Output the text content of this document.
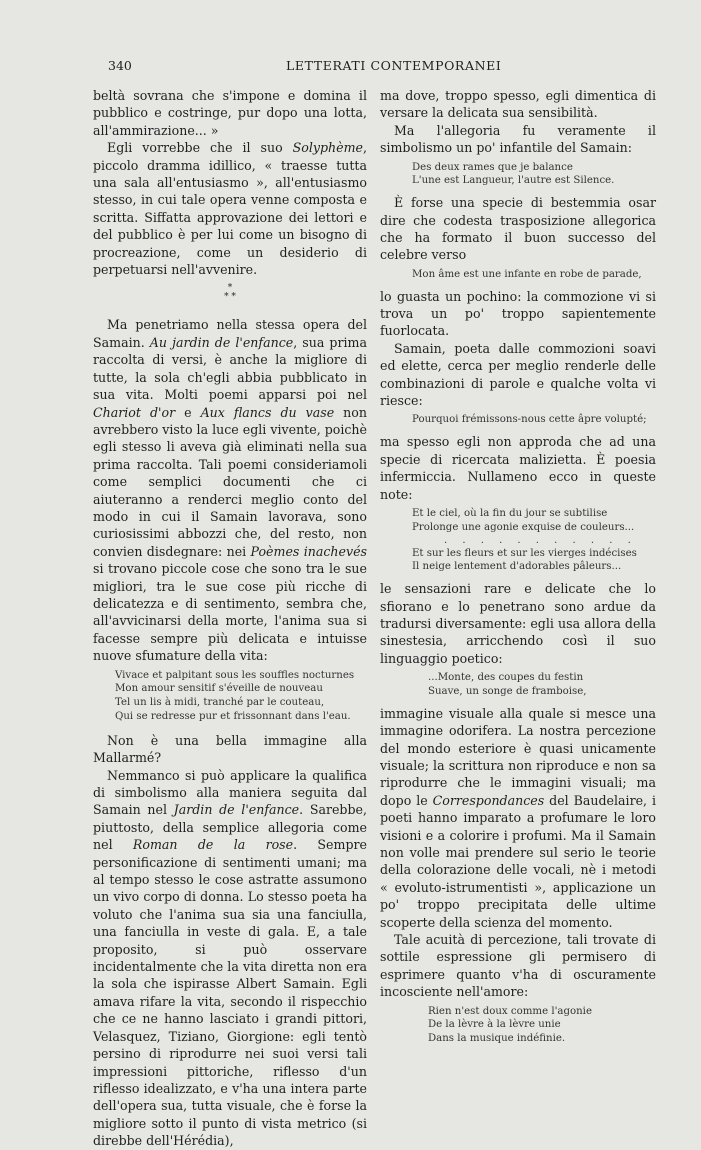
340	LETTERATI CONTEMPORANEI

beltà sovrana che s'impone e domina il pubblico e costringe, pur dopo una lotta, all'ammirazione... »

Egli vorrebbe che il suo Solyphème, piccolo dramma idillico, « traesse tutta una sala all'entusiasmo », all'entusiasmo stesso, in cui tale opera venne composta e scritta. Siffatta approvazione dei lettori e del pubblico è per lui come un bisogno di procreazione, come un desiderio di perpetuarsi nell'avvenire.

*
* *

Ma penetriamo nella stessa opera del Samain. Au jardin de l'enfance, sua prima raccolta di versi, è anche la migliore di tutte, la sola ch'egli abbia pubblicato in sua vita. Molti poemi apparsi poi nel Chariot d'or e Aux flancs du vase non avrebbero visto la luce egli vivente, poichè egli stesso li aveva già eliminati nella sua prima raccolta. Tali poemi consideriamoli come semplici documenti che ci aiuteranno a renderci meglio conto del modo in cui il Samain lavorava, sono curiosissimi abbozzi che, del resto, non convien disdegnare: nei Poèmes inachevés si trovano piccole cose che sono tra le sue migliori, tra le sue cose più ricche di delicatezza e di sentimento, sembra che, all'avvicinarsi della morte, l'anima sua si facesse sempre più delicata e intuisse nuove sfumature della vita:

Vivace et palpitant sous les souffles nocturnes
Mon amour sensitif s'éveille de nouveau
Tel un lis à midi, tranché par le couteau,
Qui se redresse pur et frissonnant dans l'eau.

Non è una bella immagine alla Mallarmé?

Nemmanco si può applicare la qualifica di simbolismo alla maniera seguita dal Samain nel Jardin de l'enfance. Sarebbe, piuttosto, della semplice allegoria come nel Roman de la rose. Sempre personificazione di sentimenti umani; ma al tempo stesso le cose astratte assumono un vivo corpo di donna. Lo stesso poeta ha voluto che l'anima sua sia una fanciulla, una fanciulla in veste di gala. E, a tale proposito, si può osservare incidentalmente che la vita diretta non era la sola che ispirasse Albert Samain. Egli amava rifare la vita, secondo il rispecchio che ce ne hanno lasciato i grandi pittori, Velasquez, Tiziano, Giorgione: egli tentò persino di riprodurre nei suoi versi tali impressioni pittoriche, riflesso d'un riflesso idealizzato, e v'ha una intera parte dell'opera sua, tutta visuale, che è forse la migliore sotto il punto di vista metrico (si direbbe dell'Hérédia),

ma dove, troppo spesso, egli dimentica di versare la delicata sua sensibilità.

Ma l'allegoria fu veramente il simbolismo un po' infantile del Samain:

Des deux rames que je balance
L'une est Langueur, l'autre est Silence.

È forse una specie di bestemmia osar dire che codesta trasposizione allegorica che ha formato il buon successo del celebre verso

Mon âme est une infante en robe de parade,

lo guasta un pochino: la commozione vi si trova un po' troppo sapientemente fuorlocata.

Samain, poeta dalle commozioni soavi ed elette, cerca per meglio renderle delle combinazioni di parole e qualche volta vi riesce:

Pourquoi frémissons-nous cette âpre volupté;

ma spesso egli non approda che ad una specie di ricercata malizietta. È poesia infermiccia. Nullameno ecco in queste note:

Et le ciel, où la fin du jour se subtilise
Prolonge une agonie exquise de couleurs...
. . . . . . . . . . .
Et sur les fleurs et sur les vierges indécises
Il neige lentement d'adorables pâleurs...

le sensazioni rare e delicate che lo sfiorano e lo penetrano sono ardue da tradursi diversamente: egli usa allora della sinestesia, arricchendo così il suo linguaggio poetico:

...Monte, des coupes du festin
Suave, un songe de framboise,

immagine visuale alla quale si mesce una immagine odorifera. La nostra percezione del mondo esteriore è quasi unicamente visuale; la scrittura non riproduce e non sa riprodurre che le immagini visuali; ma dopo le Correspondances del Baudelaire, i poeti hanno imparato a profumare le loro visioni e a colorire i profumi. Ma il Samain non volle mai prendere sul serio le teorie della colorazione delle vocali, nè i metodi « evoluto-istrumentisti », applicazione un po' troppo precipitata delle ultime scoperte della scienza del momento.

Tale acuità di percezione, tali trovate di sottile espressione gli permisero di esprimere quanto v'ha di oscuramente incosciente nell'amore:

Rien n'est doux comme l'agonie
De la lèvre à la lèvre unie
Dans la musique indéfinie.
